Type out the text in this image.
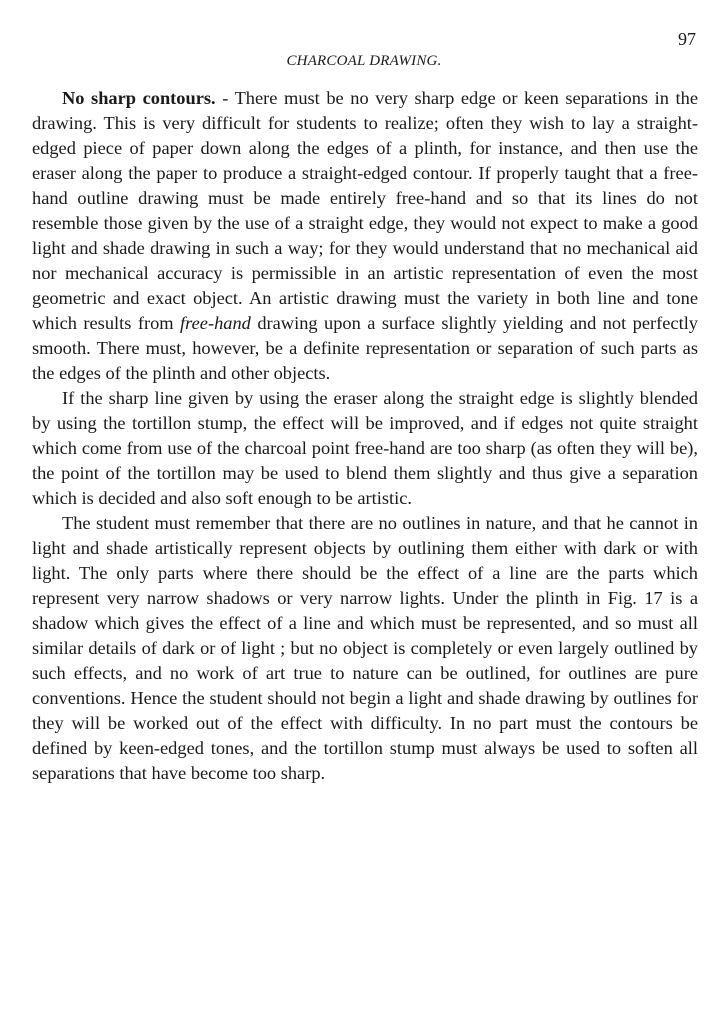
97
CHARCOAL DRAWING.

No sharp contours. - There must be no very sharp edge or keen separations in the drawing. This is very difficult for students to realize; often they wish to lay a straight-edged piece of paper down along the edges of a plinth, for instance, and then use the eraser along the paper to produce a straight-edged contour. If properly taught that a free-hand outline drawing must be made entirely free-hand and so that its lines do not resemble those given by the use of a straight edge, they would not expect to make a good light and shade drawing in such a way; for they would understand that no mechanical aid nor mechanical accuracy is permissible in an artistic representation of even the most geometric and exact object. An artistic drawing must the variety in both line and tone which results from free-hand drawing upon a surface slightly yielding and not perfectly smooth. There must, however, be a definite representation or separation of such parts as the edges of the plinth and other objects.

If the sharp line given by using the eraser along the straight edge is slightly blended by using the tortillon stump, the effect will be improved, and if edges not quite straight which come from use of the charcoal point free-hand are too sharp (as often they will be), the point of the tortillon may be used to blend them slightly and thus give a separation which is decided and also soft enough to be artistic.

The student must remember that there are no outlines in nature, and that he cannot in light and shade artistically represent objects by outlining them either with dark or with light. The only parts where there should be the effect of a line are the parts which represent very narrow shadows or very narrow lights. Under the plinth in Fig. 17 is a shadow which gives the effect of a line and which must be represented, and so must all similar details of dark or of light ; but no object is completely or even largely outlined by such effects, and no work of art true to nature can be outlined, for outlines are pure conventions. Hence the student should not begin a light and shade drawing by outlines for they will be worked out of the effect with difficulty. In no part must the contours be defined by keen-edged tones, and the tortillon stump must always be used to soften all separations that have become too sharp.
